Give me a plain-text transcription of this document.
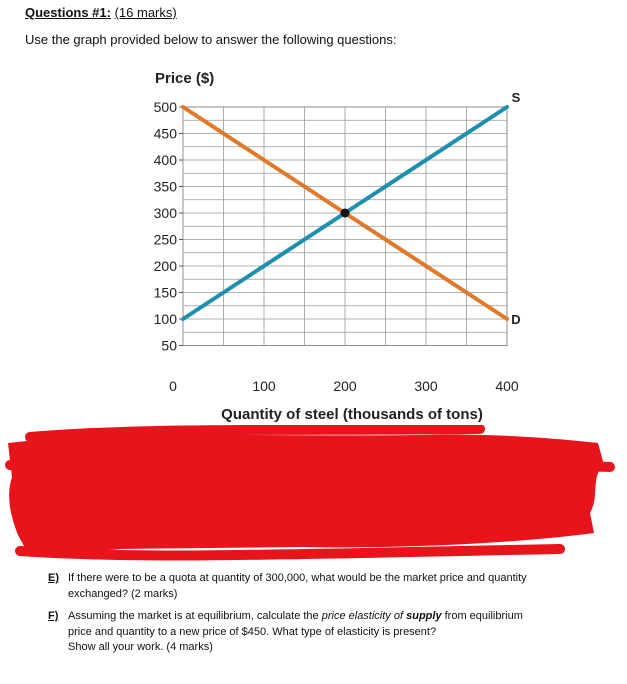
Questions #1: (16 marks)
Use the graph provided below to answer the following questions:
500
450
400
350
300
250
200
150
100
50
0	100	200	300	400
Price ($)
Quantity of steel (thousands of tons)
S
D
E) If there were to be a quota at quantity of 300,000, what would be the market price and quantity
exchanged? (2 marks)
F) Assuming the market is at equilibrium, calculate the price elasticity of supply from equilibrium
price and quantity to a new price of $450. What type of elasticity is present?
Show all your work. (4 marks)
